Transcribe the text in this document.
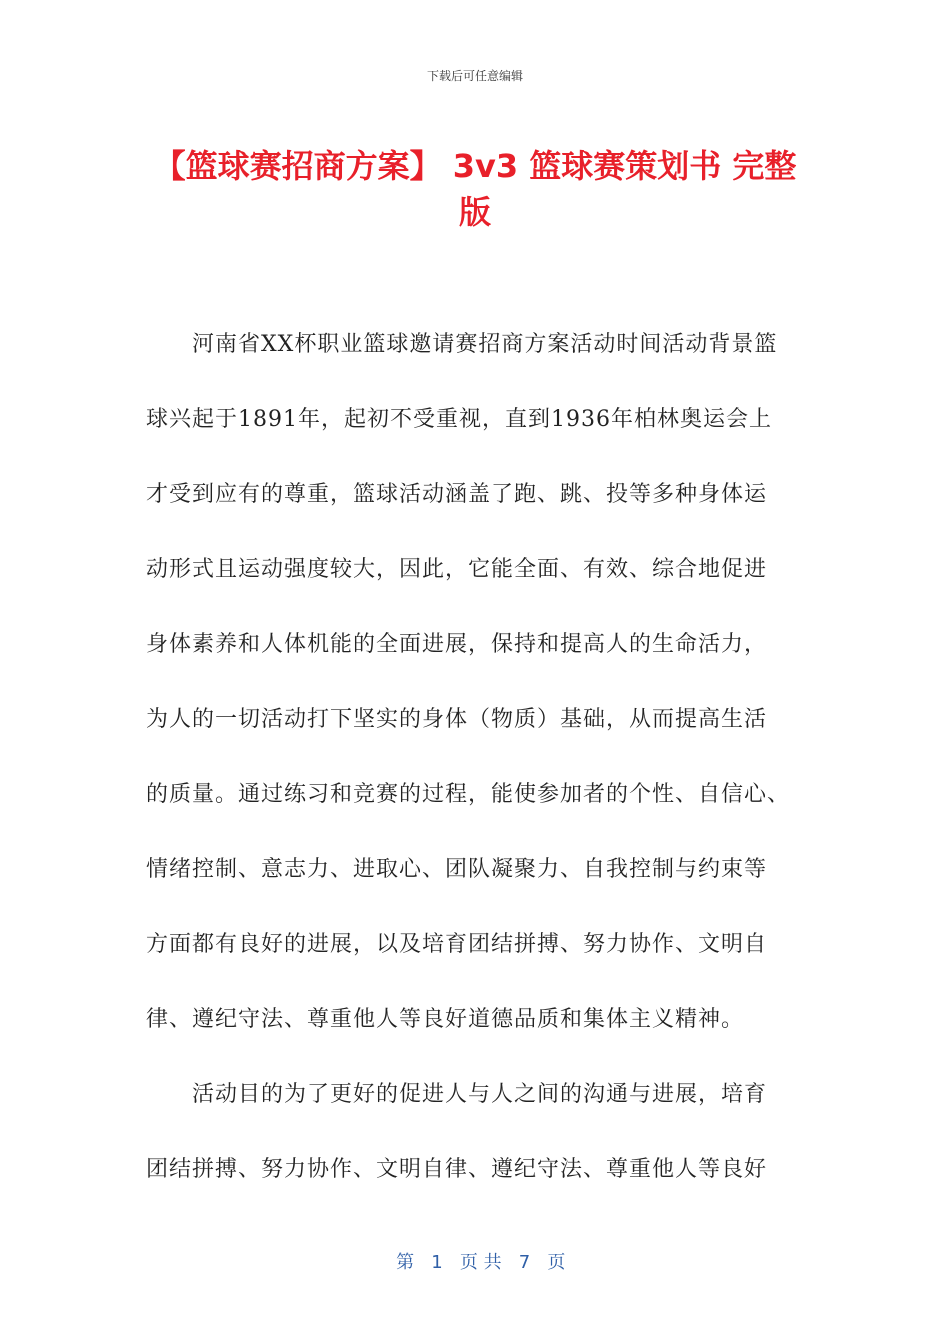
下载后可任意编辑
【篮球赛招商方案】 3v3 篮球赛策划书 完整
版
　　河南省XX杯职业篮球邀请赛招商方案活动时间活动背景篮
球兴起于1891年，起初不受重视，直到1936年柏林奥运会上
才受到应有的尊重，篮球活动涵盖了跑、跳、投等多种身体运
动形式且运动强度较大，因此，它能全面、有效、综合地促进
身体素养和人体机能的全面进展，保持和提高人的生命活力，
为人的一切活动打下坚实的身体（物质）基础，从而提高生活
的质量。通过练习和竞赛的过程，能使参加者的个性、自信心、
情绪控制、意志力、进取心、团队凝聚力、自我控制与约束等
方面都有良好的进展，以及培育团结拼搏、努力协作、文明自
律、遵纪守法、尊重他人等良好道德品质和集体主义精神。
　　活动目的为了更好的促进人与人之间的沟通与进展，培育
团结拼搏、努力协作、文明自律、遵纪守法、尊重他人等良好

第 1 页 共 7 页
